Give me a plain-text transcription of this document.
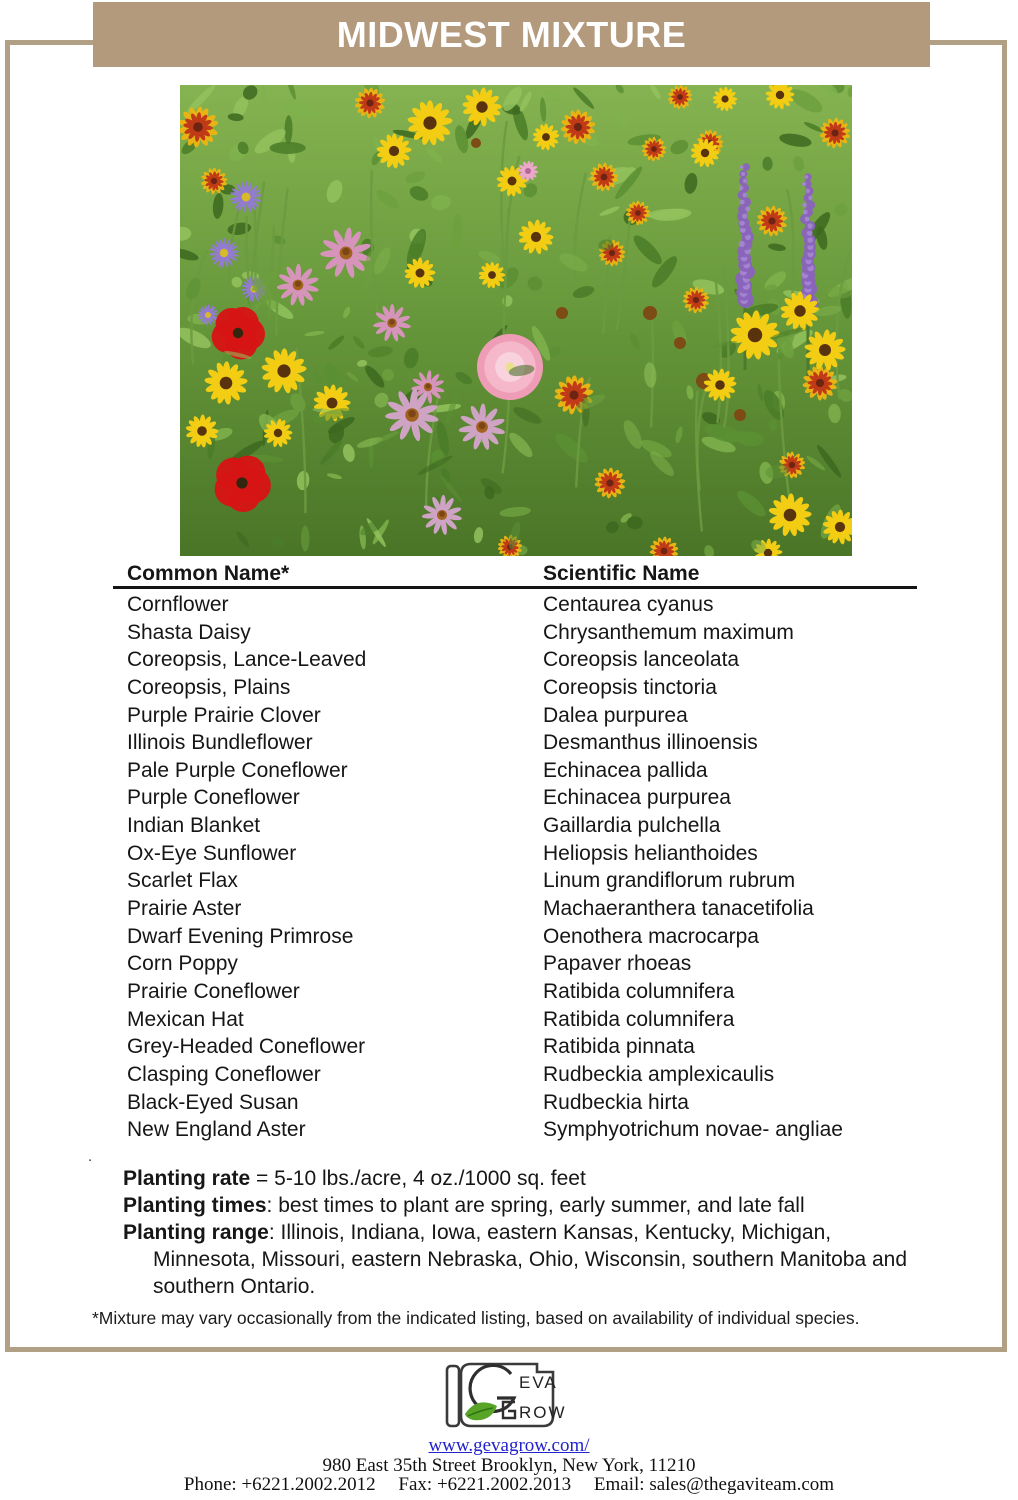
MIDWEST MIXTURE
Common Name*	Scientific Name
Cornflower	Centaurea cyanus
Shasta Daisy	Chrysanthemum maximum
Coreopsis, Lance-Leaved	Coreopsis lanceolata
Coreopsis, Plains	Coreopsis tinctoria
Purple Prairie Clover	Dalea purpurea
Illinois Bundleflower	Desmanthus illinoensis
Pale Purple Coneflower	Echinacea pallida
Purple Coneflower	Echinacea purpurea
Indian Blanket	Gaillardia pulchella
Ox-Eye Sunflower	Heliopsis helianthoides
Scarlet Flax	Linum grandiflorum rubrum
Prairie Aster	Machaeranthera tanacetifolia
Dwarf Evening Primrose	Oenothera macrocarpa
Corn Poppy	Papaver rhoeas
Prairie Coneflower	Ratibida columnifera
Mexican Hat	Ratibida columnifera
Grey-Headed Coneflower	Ratibida pinnata
Clasping Coneflower	Rudbeckia amplexicaulis
Black-Eyed Susan	Rudbeckia hirta
New England Aster	Symphyotrichum novae- angliae
Planting rate = 5-10 lbs./acre, 4 oz./1000 sq. feet
Planting times: best times to plant are spring, early summer, and late fall
Planting range: Illinois, Indiana, Iowa, eastern Kansas, Kentucky, Michigan, Minnesota, Missouri, eastern Nebraska, Ohio, Wisconsin, southern Manitoba and southern Ontario.
.
*Mixture may vary occasionally from the indicated listing, based on availability of individual species.
EVA
ROW
www.gevagrow.com/
980 East 35th Street Brooklyn, New York, 11210
Phone: +6221.2002.2012 Fax: +6221.2002.2013 Email: sales@thegaviteam.com
